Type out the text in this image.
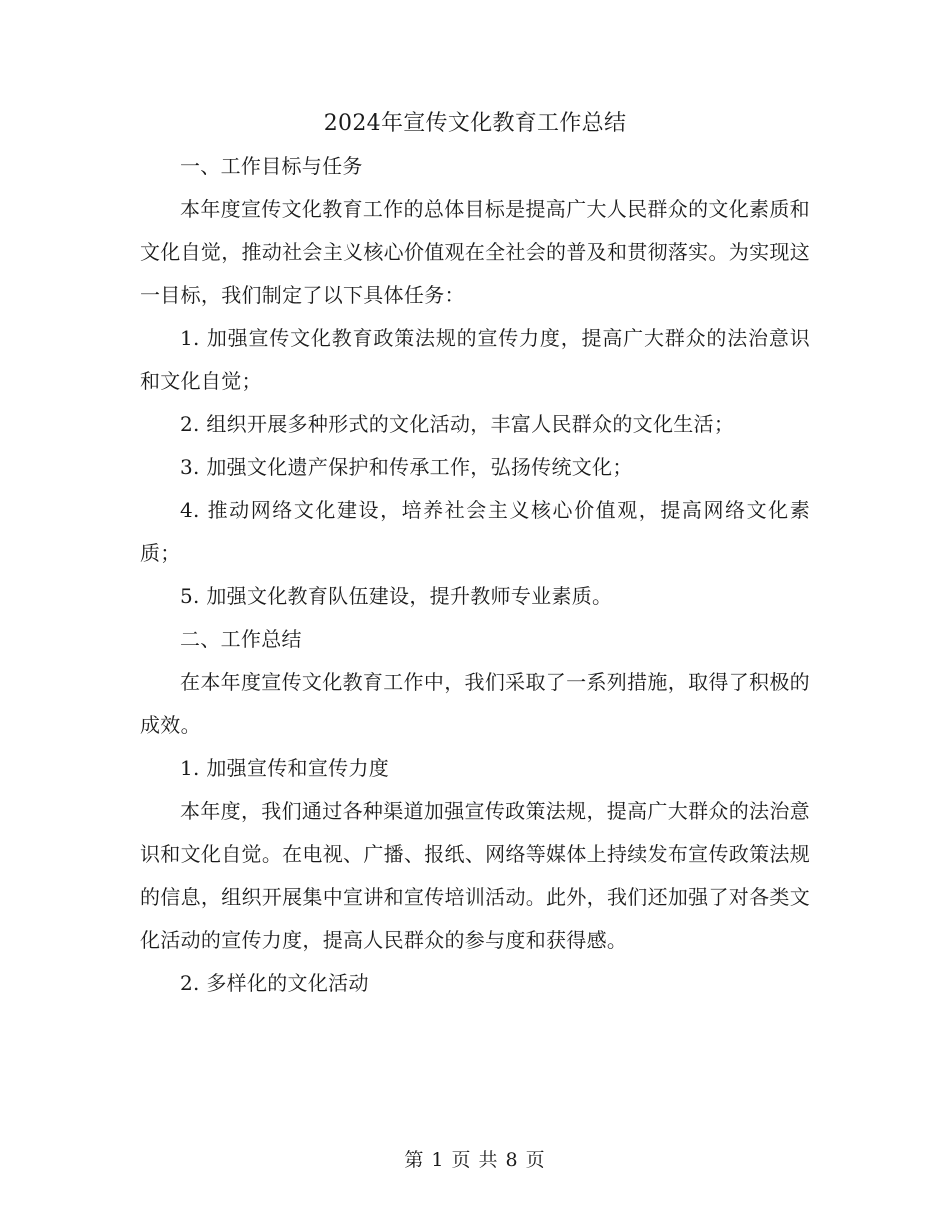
2024年宣传文化教育工作总结

一、工作目标与任务

本年度宣传文化教育工作的总体目标是提高广大人民群众的文化素质和文化自觉，推动社会主义核心价值观在全社会的普及和贯彻落实。为实现这一目标，我们制定了以下具体任务：

1. 加强宣传文化教育政策法规的宣传力度，提高广大群众的法治意识和文化自觉；

2. 组织开展多种形式的文化活动，丰富人民群众的文化生活；

3. 加强文化遗产保护和传承工作，弘扬传统文化；

4. 推动网络文化建设，培养社会主义核心价值观，提高网络文化素质；

5. 加强文化教育队伍建设，提升教师专业素质。

二、工作总结

在本年度宣传文化教育工作中，我们采取了一系列措施，取得了积极的成效。

1. 加强宣传和宣传力度

本年度，我们通过各种渠道加强宣传政策法规，提高广大群众的法治意识和文化自觉。在电视、广播、报纸、网络等媒体上持续发布宣传政策法规的信息，组织开展集中宣讲和宣传培训活动。此外，我们还加强了对各类文化活动的宣传力度，提高人民群众的参与度和获得感。

2. 多样化的文化活动

第 1 页 共 8 页
